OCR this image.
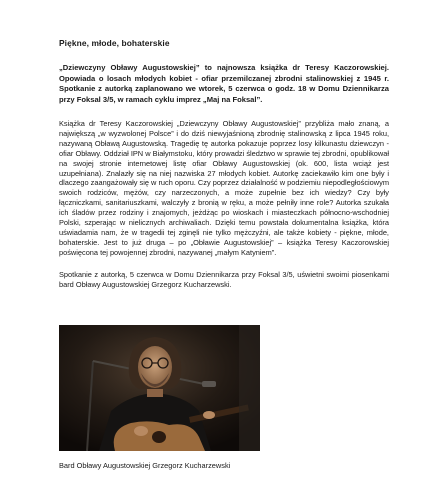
Piękne, młode, bohaterskie

„Dziewczyny Obławy Augustowskiej” to najnowsza książka dr Teresy Kaczorowskiej. Opowiada o losach młodych kobiet - ofiar przemilczanej zbrodni stalinowskiej z 1945 r. Spotkanie z autorką zaplanowano we wtorek, 5 czerwca o godz. 18 w Domu Dziennikarza przy Foksal 3/5, w ramach cyklu imprez „Maj na Foksal”.

Książka dr Teresy Kaczorowskiej „Dziewczyny Obławy Augustowskiej” przybliża mało znaną, a największą „w wyzwolonej Polsce” i do dziś niewyjaśnioną zbrodnię stalinowską z lipca 1945 roku, nazywaną Obławą Augustowską. Tragedię tę autorka pokazuje poprzez losy kilkunastu dziewczyn - ofiar Obławy. Oddział IPN w Białymstoku, który prowadzi śledztwo w sprawie tej zbrodni, opublikował na swojej stronie internetowej listę ofiar Obławy Augustowskiej (ok. 600, lista wciąż jest uzupełniana). Znalazły się na niej nazwiska 27 młodych kobiet. Autorkę zaciekawiło kim one były i dlaczego zaangażowały się w ruch oporu. Czy poprzez działalność w podziemiu niepodległościowym swoich rodziców, mężów, czy narzeczonych, a może zupełnie bez ich wiedzy? Czy były łączniczkami, sanitariuszkami, walczyły z bronią w ręku, a może pełniły inne role? Autorka szukała ich śladów przez rodziny i znajomych, jeżdżąc po wioskach i miasteczkach północno-wschodniej Polski, szperając w nielicznych archiwaliach. Dzięki temu powstała dokumentalna książka, która uświadamia nam, że w tragedii tej zginęli nie tylko mężczyźni, ale także kobiety - piękne, młode, bohaterskie. Jest to już druga – po „Obławie Augustowskiej” – książka Teresy Kaczorowskiej poświęcona tej powojennej zbrodni, nazywanej „małym Katyniem”.

Spotkanie z autorką, 5 czerwca w Domu Dziennikarza przy Foksal 3/5, uświetni swoimi piosenkami bard Obławy Augustowskiej Grzegorz Kucharzewski.

Bard Obławy Augustowskiej Grzegorz Kucharzewski
